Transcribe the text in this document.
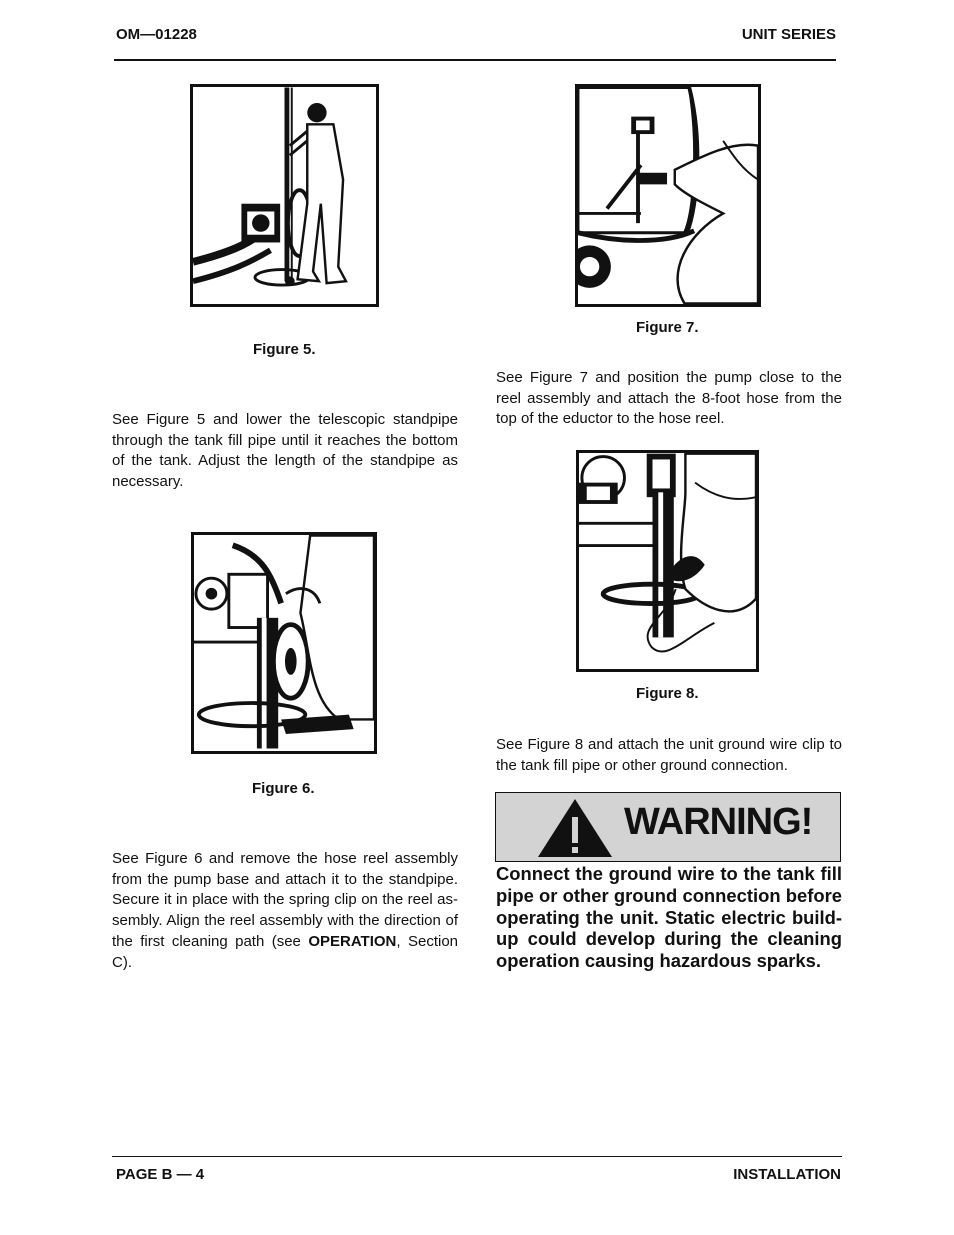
OM—01228	UNIT SERIES
Figure 5.
See Figure 5 and lower the telescopic standpipe through the tank fill pipe until it reaches the bottom of the tank. Adjust the length of the standpipe as necessary.
Figure 6.
See Figure 6 and remove the hose reel assembly from the pump base and attach it to the standpipe. Secure it in place with the spring clip on the reel assembly. Align the reel assembly with the direction of the first cleaning path (see OPERATION, Section C).
Figure 7.
See Figure 7 and position the pump close to the reel assembly and attach the 8-foot hose from the top of the eductor to the hose reel.
Figure 8.
See Figure 8 and attach the unit ground wire clip to the tank fill pipe or other ground connection.
WARNING!
Connect the ground wire to the tank fill pipe or other ground connection before operating the unit. Static electric build-up could develop during the cleaning operation causing hazardous sparks.
PAGE B — 4	INSTALLATION
